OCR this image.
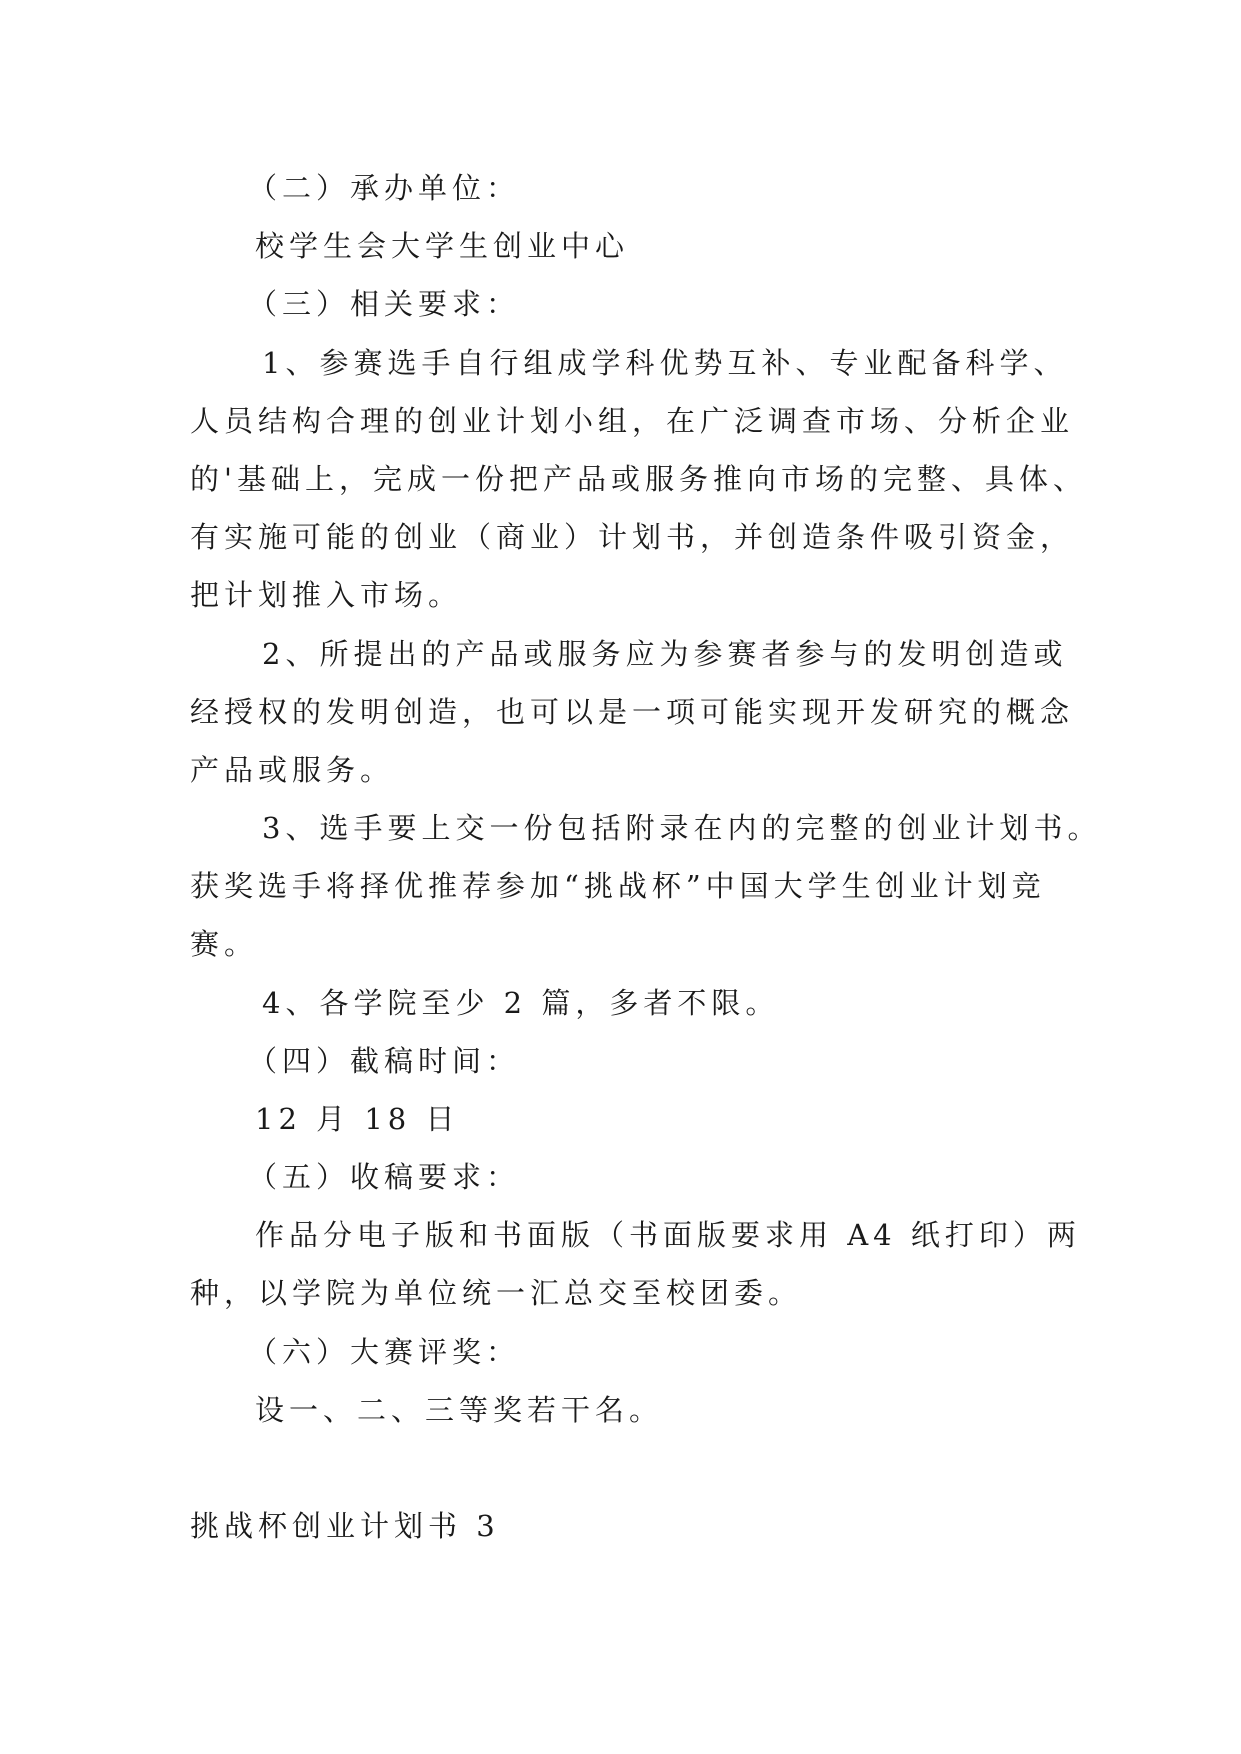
（二）承办单位：
校学生会大学生创业中心
（三）相关要求：
1、参赛选手自行组成学科优势互补、专业配备科学、
人员结构合理的创业计划小组，在广泛调查市场、分析企业
的'基础上，完成一份把产品或服务推向市场的完整、具体、
有实施可能的创业（商业）计划书，并创造条件吸引资金，
把计划推入市场。
2、所提出的产品或服务应为参赛者参与的发明创造或
经授权的发明创造，也可以是一项可能实现开发研究的概念
产品或服务。
3、选手要上交一份包括附录在内的完整的创业计划书。
获奖选手将择优推荐参加“挑战杯”中国大学生创业计划竞
赛。
4、各学院至少 2 篇，多者不限。
（四）截稿时间：
12 月 18 日
（五）收稿要求：
作品分电子版和书面版（书面版要求用 A4 纸打印）两
种，以学院为单位统一汇总交至校团委。
（六）大赛评奖：
设一、二、三等奖若干名。
挑战杯创业计划书 3
